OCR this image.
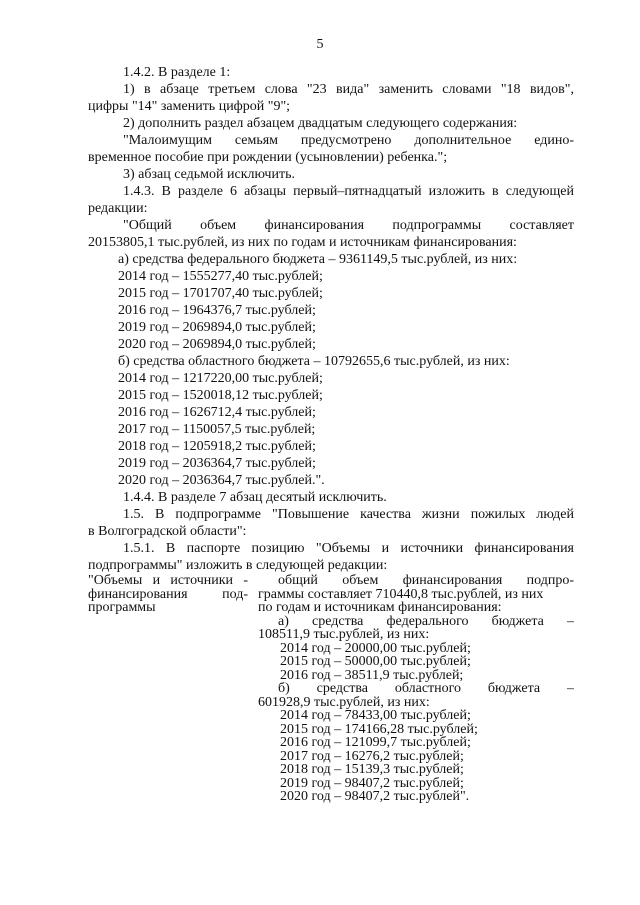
5
1.4.2. В разделе 1:
1) в абзаце третьем слова "23 вида" заменить словами "18 видов",
цифры "14" заменить цифрой "9";
2) дополнить раздел абзацем двадцатым следующего содержания:
"Малоимущим семьям предусмотрено дополнительное едино-
временное пособие при рождении (усыновлении) ребенка.";
3) абзац седьмой исключить.
1.4.3. В разделе 6 абзацы первый–пятнадцатый изложить в следующей
редакции:
"Общий объем финансирования подпрограммы составляет
20153805,1 тыс.рублей, из них по годам и источникам финансирования:
а) средства федерального бюджета – 9361149,5 тыс.рублей, из них:
2014 год – 1555277,40 тыс.рублей;
2015 год – 1701707,40 тыс.рублей;
2016 год – 1964376,7 тыс.рублей;
2019 год – 2069894,0 тыс.рублей;
2020 год – 2069894,0 тыс.рублей;
б) средства областного бюджета – 10792655,6 тыс.рублей, из них:
2014 год – 1217220,00 тыс.рублей;
2015 год – 1520018,12 тыс.рублей;
2016 год – 1626712,4 тыс.рублей;
2017 год – 1150057,5 тыс.рублей;
2018 год – 1205918,2 тыс.рублей;
2019 год – 2036364,7 тыс.рублей;
2020 год – 2036364,7 тыс.рублей.".
1.4.4. В разделе 7 абзац десятый исключить.
1.5. В подпрограмме "Повышение качества жизни пожилых людей
в Волгоградской области":
1.5.1. В паспорте позицию "Объемы и источники финансирования
подпрограммы" изложить в следующей редакции:
"Объемы и источники -
финансирования под-
программы
общий объем финансирования подпро-
граммы составляет 710440,8 тыс.рублей, из них
по годам и источникам финансирования:
а) средства федерального бюджета –
108511,9 тыс.рублей, из них:
2014 год – 20000,00 тыс.рублей;
2015 год – 50000,00 тыс.рублей;
2016 год – 38511,9 тыс.рублей;
б) средства областного бюджета –
601928,9 тыс.рублей, из них:
2014 год – 78433,00 тыс.рублей;
2015 год – 174166,28 тыс.рублей;
2016 год – 121099,7 тыс.рублей;
2017 год – 16276,2 тыс.рублей;
2018 год – 15139,3 тыс.рублей;
2019 год – 98407,2 тыс.рублей;
2020 год – 98407,2 тыс.рублей".
